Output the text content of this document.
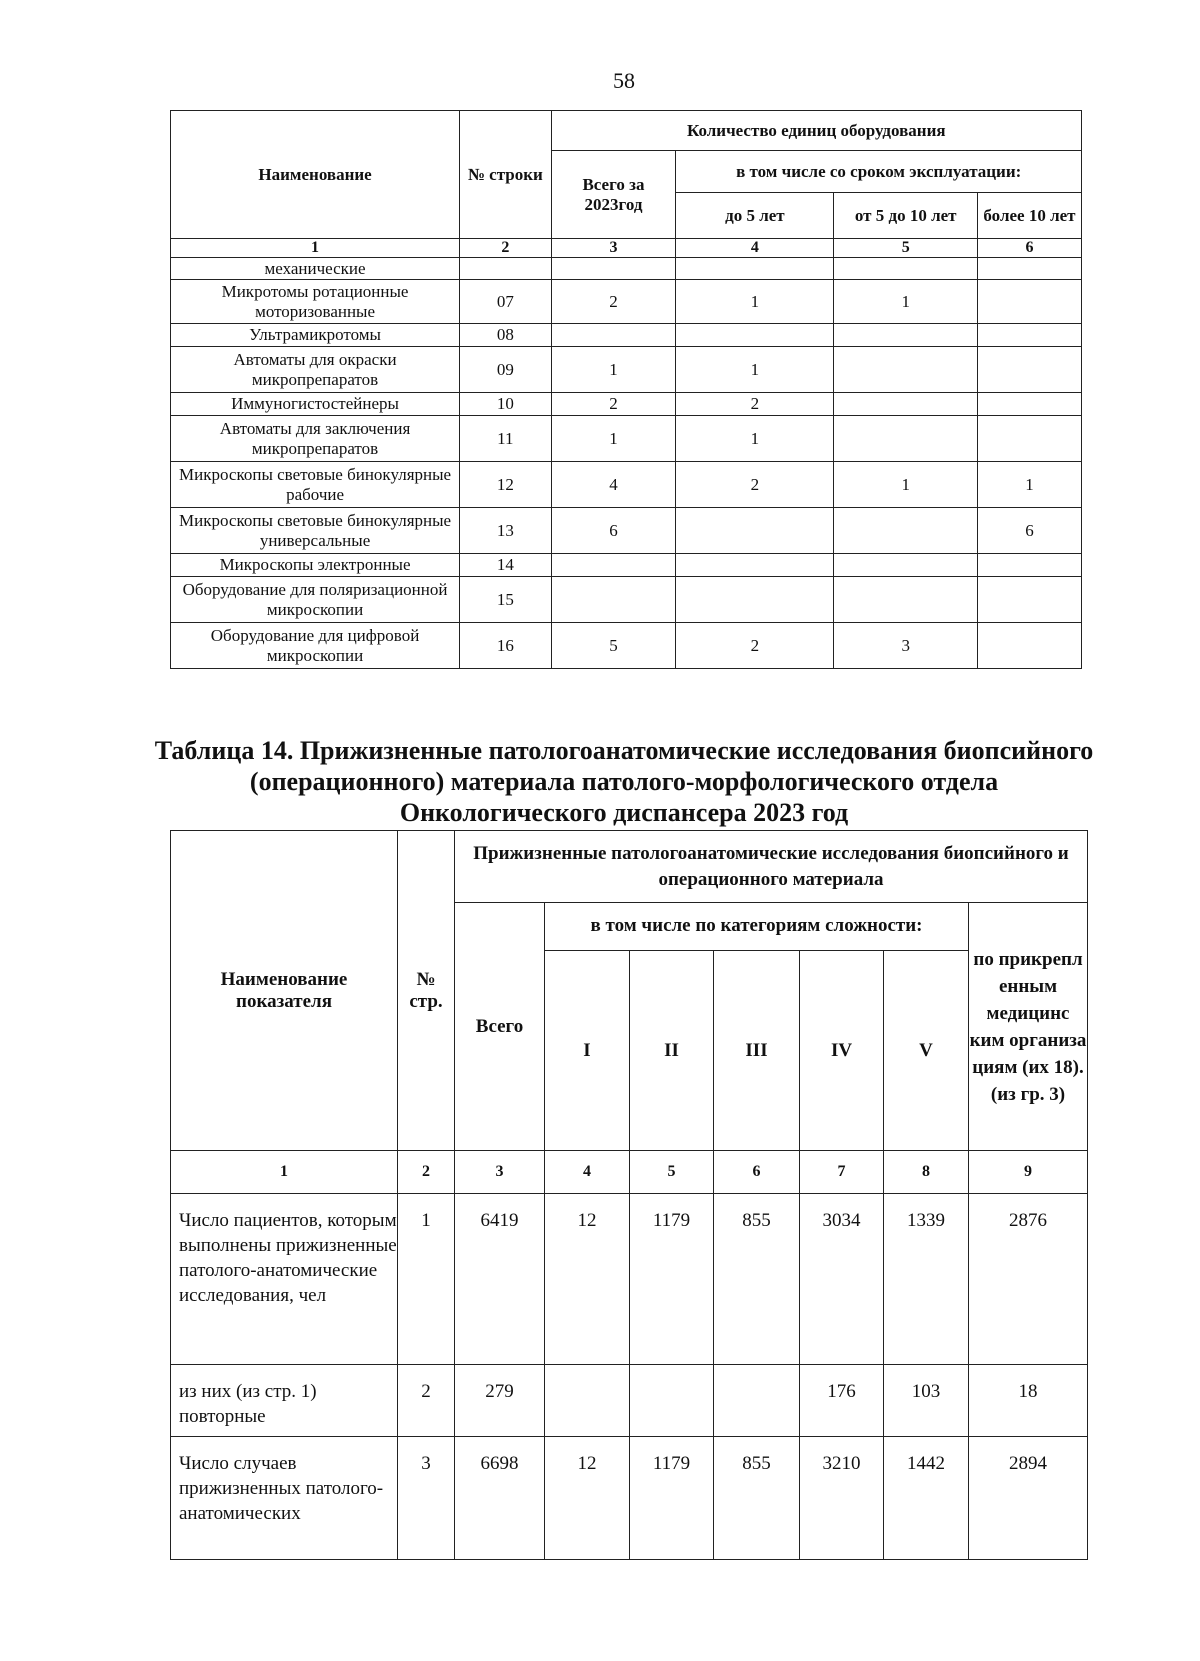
58
Наименование	№ строки	Количество единиц оборудования			
		Всего за 2023год	в том числе со сроком эксплуатации:		
			до 5 лет	от 5 до 10 лет	более 10 лет
1	2	3	4	5	6
механические					
Микротомы ротационные моторизованные	07	2	1	1	
Ультрамикротомы	08				
Автоматы для окраски микропрепаратов	09	1	1		
Иммуногистостейнеры	10	2	2		
Автоматы для заключения микропрепаратов	11	1	1		
Микроскопы световые бинокулярные рабочие	12	4	2	1	1
Микроскопы световые бинокулярные универсальные	13	6			6
Микроскопы электронные	14				
Оборудование для поляризационной микроскопии	15				
Оборудование для цифровой микроскопии	16	5	2	3	
Таблица 14. Прижизненные патологоанатомические исследования биопсийного (операционного) материала патолого-морфологического отдела Онкологического диспансера 2023 год
Наименование показателя	№ стр.	Прижизненные патологоанатомические исследования биопсийного и операционного материала						
		Всего	в том числе по категориям сложности:					по прикрепл енным медицинс ким организа циям (их 18). (из гр. 3)
			I	II	III	IV	V	
1	2	3	4	5	6	7	8	9
Число пациентов, которым выполнены прижизненные патолого-анатомические исследования, чел	1	6419	12	1179	855	3034	1339	2876
из них (из стр. 1) повторные	2	279				176	103	18
Число случаев прижизненных патолого-анатомических	3	6698	12	1179	855	3210	1442	2894
